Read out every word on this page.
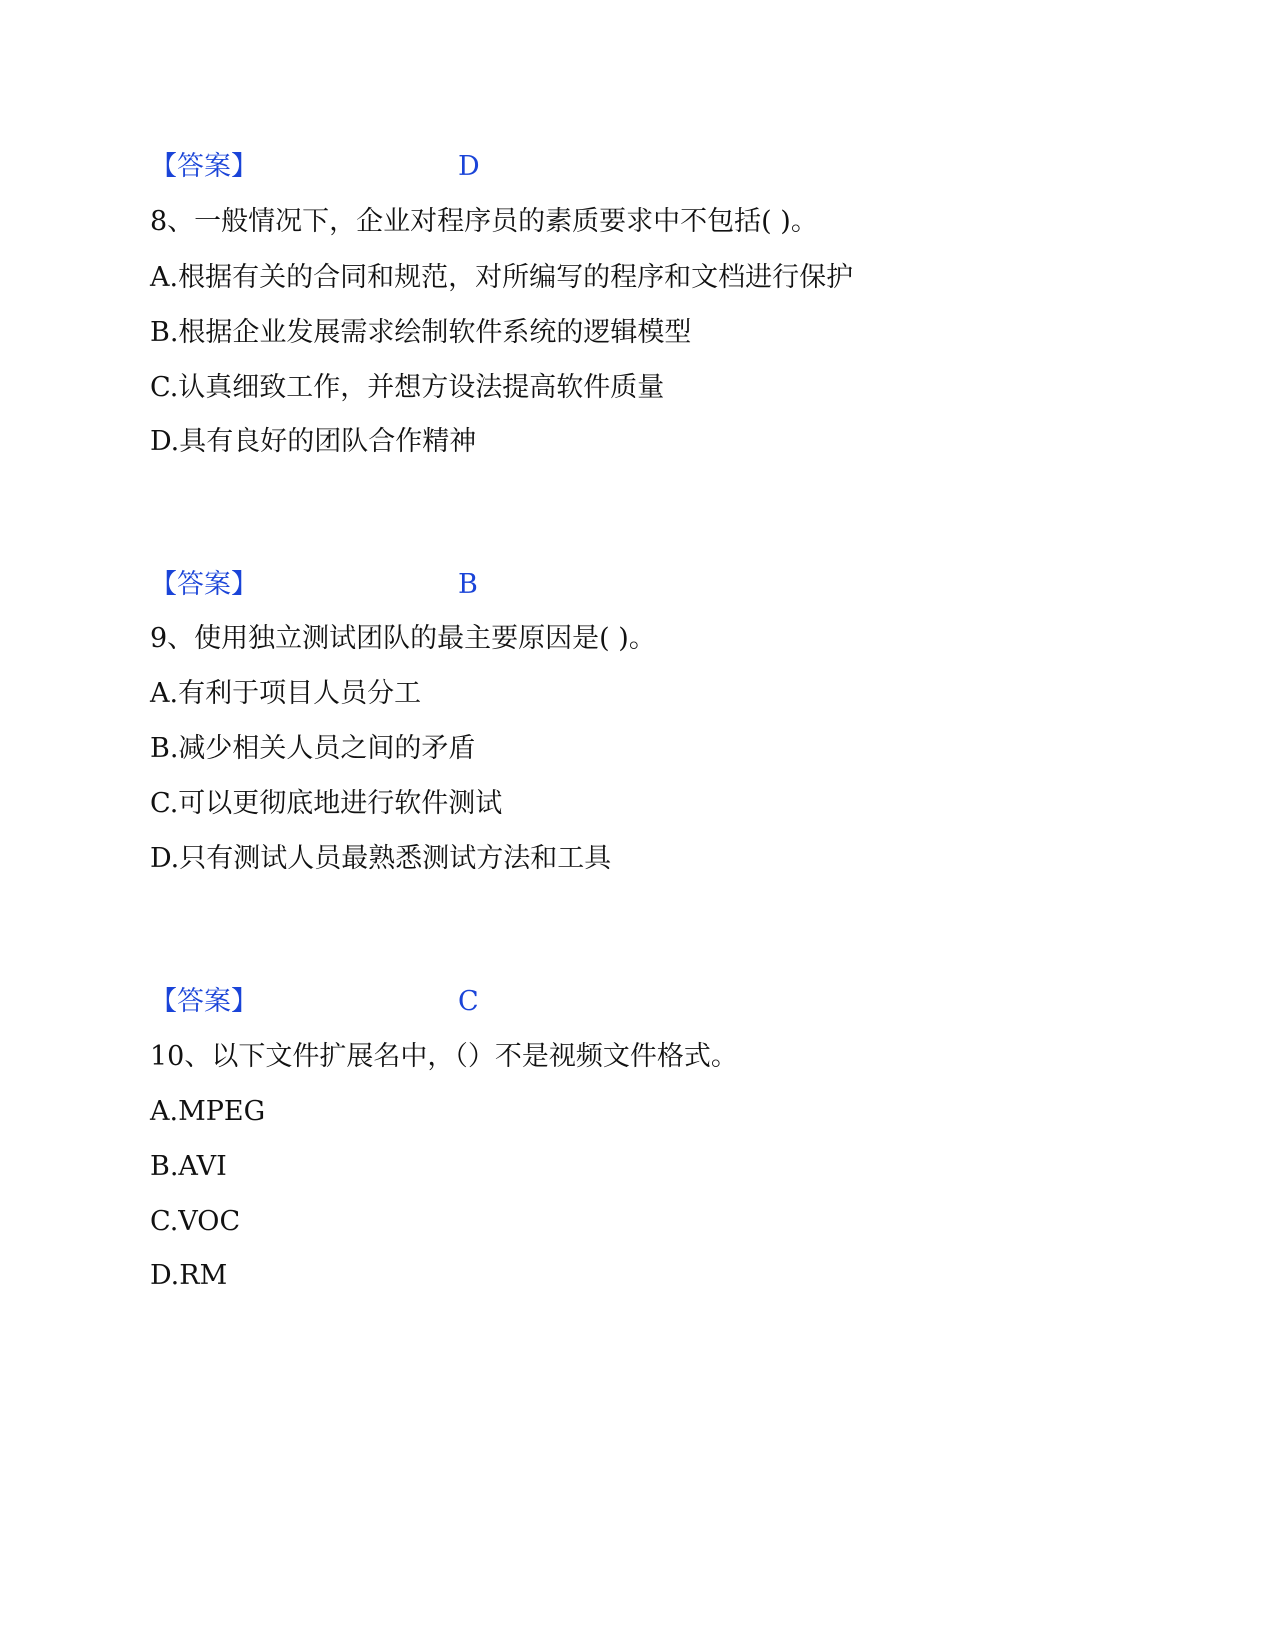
【答案】	D
8、一般情况下，企业对程序员的素质要求中不包括( )。
A.根据有关的合同和规范，对所编写的程序和文档进行保护
B.根据企业发展需求绘制软件系统的逻辑模型
C.认真细致工作，并想方设法提高软件质量
D.具有良好的团队合作精神
【答案】	B
9、使用独立测试团队的最主要原因是( )。
A.有利于项目人员分工
B.减少相关人员之间的矛盾
C.可以更彻底地进行软件测试
D.只有测试人员最熟悉测试方法和工具
【答案】	C
10、以下文件扩展名中，（）不是视频文件格式。
A.MPEG
B.AVI
C.VOC
D.RM
